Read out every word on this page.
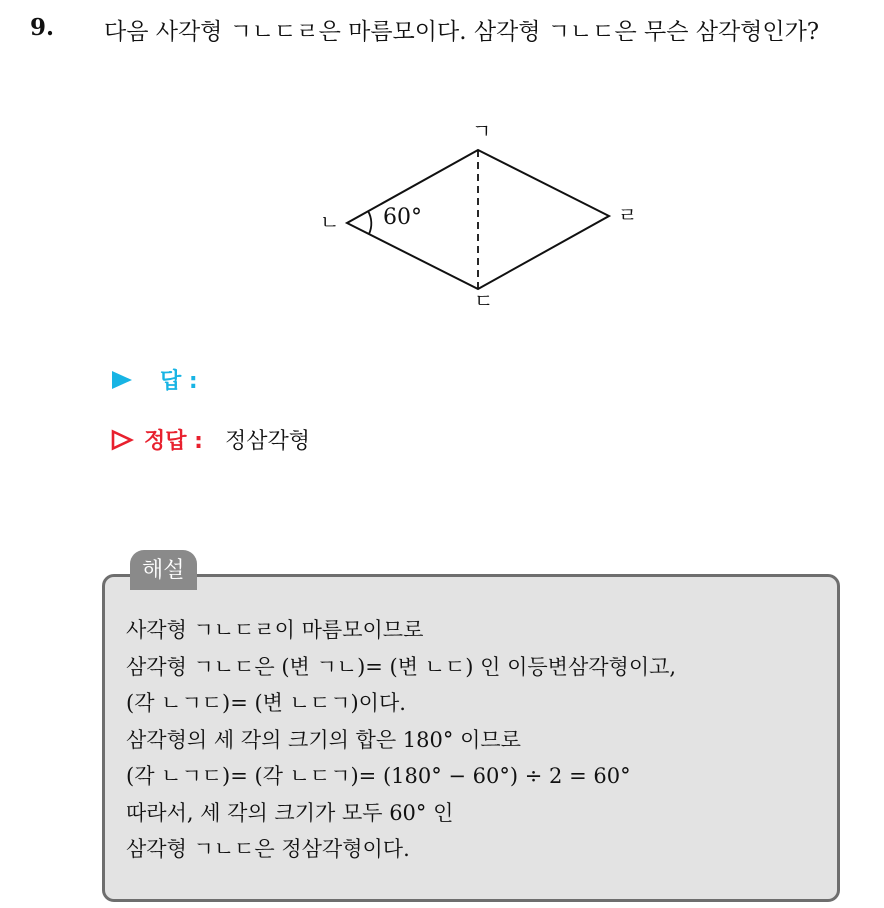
9. 다음 사각형 ㄱㄴㄷㄹ은 마름모이다. 삼각형 ㄱㄴㄷ은 무슨 삼각형인가?
ㄱ
ㄴ
ㄷ
ㄹ
60°
답 :
정답 : 정삼각형
해설
사각형 ㄱㄴㄷㄹ이 마름모이므로
삼각형 ㄱㄴㄷ은 (변 ㄱㄴ)= (변 ㄴㄷ) 인 이등변삼각형이고,
(각 ㄴㄱㄷ)= (변 ㄴㄷㄱ)이다.
삼각형의 세 각의 크기의 합은 180° 이므로
(각 ㄴㄱㄷ)= (각 ㄴㄷㄱ)= (180° − 60°) ÷ 2 = 60°
따라서, 세 각의 크기가 모두 60° 인
삼각형 ㄱㄴㄷ은 정삼각형이다.
